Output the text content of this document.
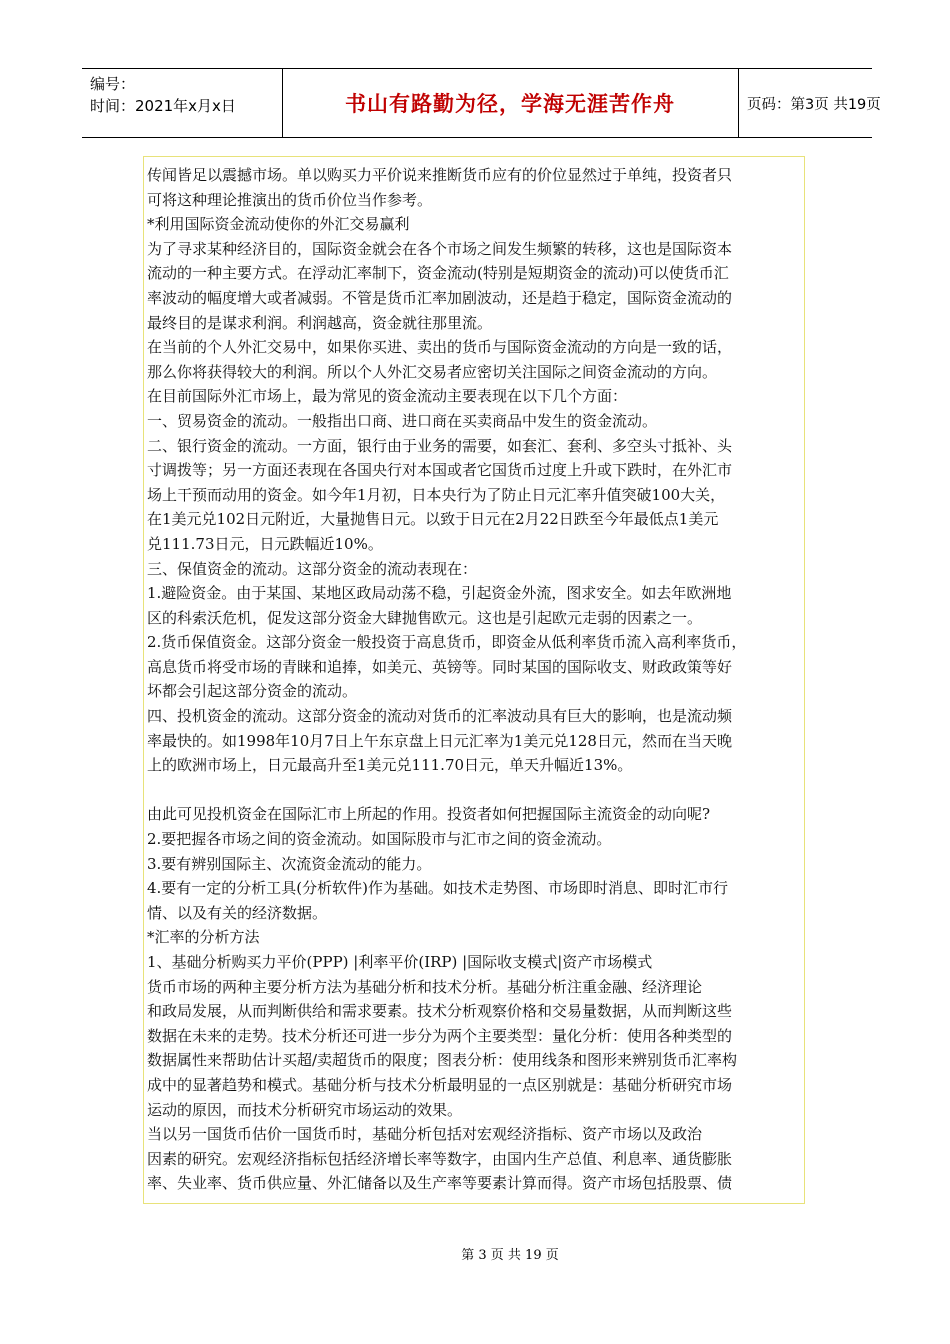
编号：
时间：2021年x月x日	书山有路勤为径，学海无涯苦作舟	页码：第3页 共19页
传闻皆足以震撼市场。单以购买力平价说来推断货币应有的价位显然过于单纯，投资者只
可将这种理论推演出的货币价位当作参考。
*利用国际资金流动使你的外汇交易赢利
为了寻求某种经济目的，国际资金就会在各个市场之间发生频繁的转移，这也是国际资本
流动的一种主要方式。在浮动汇率制下，资金流动(特别是短期资金的流动)可以使货币汇
率波动的幅度增大或者减弱。不管是货币汇率加剧波动，还是趋于稳定，国际资金流动的
最终目的是谋求利润。利润越高，资金就往那里流。
在当前的个人外汇交易中，如果你买进、卖出的货币与国际资金流动的方向是一致的话，
那么你将获得较大的利润。所以个人外汇交易者应密切关注国际之间资金流动的方向。
在目前国际外汇市场上，最为常见的资金流动主要表现在以下几个方面：
一、贸易资金的流动。一般指出口商、进口商在买卖商品中发生的资金流动。
二、银行资金的流动。一方面，银行由于业务的需要，如套汇、套利、多空头寸抵补、头
寸调拨等；另一方面还表现在各国央行对本国或者它国货币过度上升或下跌时，在外汇市
场上干预而动用的资金。如今年1月初，日本央行为了防止日元汇率升值突破100大关，
在1美元兑102日元附近，大量抛售日元。以致于日元在2月22日跌至今年最低点1美元
兑111.73日元，日元跌幅近10%。
三、保值资金的流动。这部分资金的流动表现在：
1.避险资金。由于某国、某地区政局动荡不稳，引起资金外流，图求安全。如去年欧洲地
区的科索沃危机，促发这部分资金大肆抛售欧元。这也是引起欧元走弱的因素之一。
2.货币保值资金。这部分资金一般投资于高息货币，即资金从低利率货币流入高利率货币，
高息货币将受市场的青睐和追捧，如美元、英镑等。同时某国的国际收支、财政政策等好
坏都会引起这部分资金的流动。
四、投机资金的流动。这部分资金的流动对货币的汇率波动具有巨大的影响，也是流动频
率最快的。如1998年10月7日上午东京盘上日元汇率为1美元兑128日元，然而在当天晚
上的欧洲市场上，日元最高升至1美元兑111.70日元，单天升幅近13%。
由此可见投机资金在国际汇市上所起的作用。投资者如何把握国际主流资金的动向呢?
2.要把握各市场之间的资金流动。如国际股市与汇市之间的资金流动。
3.要有辨别国际主、次流资金流动的能力。
4.要有一定的分析工具(分析软件)作为基础。如技术走势图、市场即时消息、即时汇市行
情、以及有关的经济数据。
*汇率的分析方法
1、基础分析购买力平价(PPP) |利率平价(IRP) |国际收支模式|资产市场模式
货币市场的两种主要分析方法为基础分析和技术分析。基础分析注重金融、经济理论
和政局发展，从而判断供给和需求要素。技术分析观察价格和交易量数据，从而判断这些
数据在未来的走势。技术分析还可进一步分为两个主要类型：量化分析：使用各种类型的
数据属性来帮助估计买超/卖超货币的限度；图表分析：使用线条和图形来辨别货币汇率构
成中的显著趋势和模式。基础分析与技术分析最明显的一点区别就是：基础分析研究市场
运动的原因，而技术分析研究市场运动的效果。
当以另一国货币估价一国货币时，基础分析包括对宏观经济指标、资产市场以及政治
因素的研究。宏观经济指标包括经济增长率等数字，由国内生产总值、利息率、通货膨胀
率、失业率、货币供应量、外汇储备以及生产率等要素计算而得。资产市场包括股票、债
第 3 页 共 19 页
